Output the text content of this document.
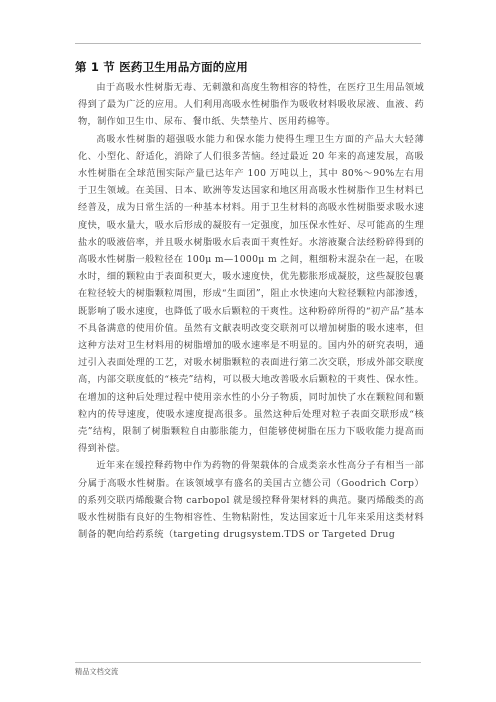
第 1 节 医药卫生用品方面的应用

由于高吸水性树脂无毒、无刺激和高度生物相容的特性，在医疗卫生用品领域得到了最为广泛的应用。人们利用高吸水性树脂作为吸收材料吸收尿液、血液、药物，制作如卫生巾、尿布、餐巾纸、失禁垫片、医用药棉等。

高吸水性树脂的超强吸水能力和保水能力使得生理卫生方面的产品大大轻薄化、小型化、舒适化，消除了人们很多苦恼。经过最近 20 年来的高速发展，高吸水性树脂在全球范围实际产量已达年产 100 万吨以上，其中 80%～90%左右用于卫生领域。在美国、日本、欧洲等发达国家和地区用高吸水性树脂作卫生材料已经普及，成为日常生活的一种基本材料。用于卫生材料的高吸水性树脂要求吸水速度快，吸水量大，吸水后形成的凝胶有一定强度，加压保水性好、尽可能高的生理盐水的吸液倍率，并且吸水树脂吸水后表面干爽性好。水溶液聚合法经粉碎得到的高吸水性树脂一般粒径在 100μ m—1000μ m 之间，粗细粉末混杂在一起，在吸水时，细的颗粒由于表面积更大，吸水速度快，优先膨胀形成凝胶，这些凝胶包裹在粒径较大的树脂颗粒周围，形成“生面团”，阻止水快速向大粒径颗粒内部渗透，既影响了吸水速度，也降低了吸水后颗粒的干爽性。这种粉碎所得的“初产品”基本不具备满意的使用价值。虽然有文献表明改变交联剂可以增加树脂的吸水速率，但这种方法对卫生材料用的树脂增加的吸水速率是不明显的。国内外的研究表明，通过引入表面处理的工艺，对吸水树脂颗粒的表面进行第二次交联，形成外部交联度高，内部交联度低的“核壳”结构，可以极大地改善吸水后颗粒的干爽性、保水性。在增加的这种后处理过程中使用亲水性的小分子物质，同时加快了水在颗粒间和颗粒内的传导速度，使吸水速度提高很多。虽然这种后处理对粒子表面交联形成“核壳”结构，限制了树脂颗粒自由膨胀能力，但能够使树脂在压力下吸收能力提高而得到补偿。

近年来在缓控释药物中作为药物的骨架载体的合成类亲水性高分子有相当一部分属于高吸水性树脂。在该领域享有盛名的美国古立德公司（Goodrich Corp）的系列交联丙烯酸聚合物 carbopol 就是缓控释骨架材料的典范。聚丙烯酸类的高吸水性树脂有良好的生物相容性、生物粘附性，发达国家近十几年来采用这类材料制备的靶向给药系统（targeting drugsystem.TDS or Targeted Drug

精品文档交流
